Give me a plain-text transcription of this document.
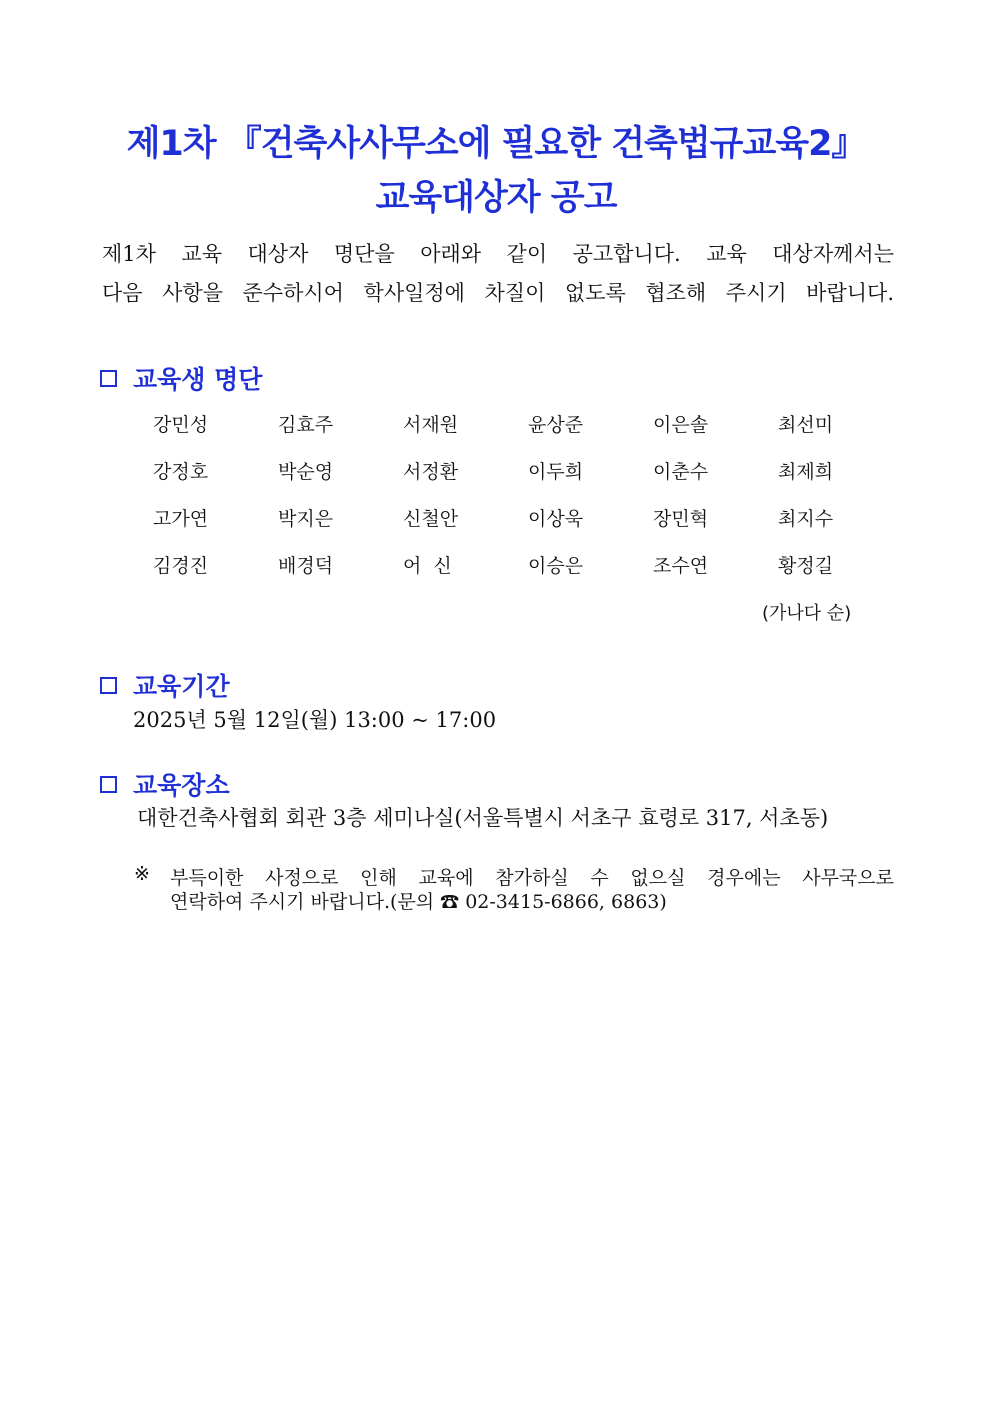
제1차 『건축사사무소에 필요한 건축법규교육2』
교육대상자 공고
제1차 교육 대상자 명단을 아래와 같이 공고합니다. 교육 대상자께서는
다음 사항을 준수하시어 학사일정에 차질이 없도록 협조해 주시기 바랍니다.
교육생 명단
강민성	김효주	서재원	윤상준	이은솔	최선미
강정호	박순영	서정환	이두희	이춘수	최제희
고가연	박지은	신철안	이상욱	장민혁	최지수
김경진	배경덕	어  신	이승은	조수연	황정길
(가나다 순)
교육기간
2025년 5월 12일(월) 13:00 ~ 17:00
교육장소
대한건축사협회 회관 3층 세미나실(서울특별시 서초구 효령로 317, 서초동)
※ 부득이한 사정으로 인해 교육에 참가하실 수 없으실 경우에는 사무국으로
연락하여 주시기 바랍니다.(문의 ☎ 02-3415-6866, 6863)
